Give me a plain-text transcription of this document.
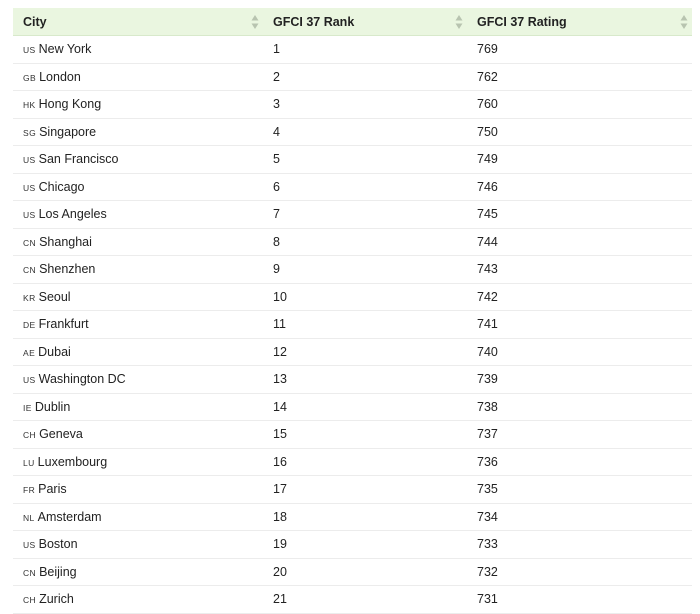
City	GFCI 37 Rank	GFCI 37 Rating

US New York	1	769
GB London	2	762
HK Hong Kong	3	760
SG Singapore	4	750
US San Francisco	5	749
US Chicago	6	746
US Los Angeles	7	745
CN Shanghai	8	744
CN Shenzhen	9	743
KR Seoul	10	742
DE Frankfurt	11	741
AE Dubai	12	740
US Washington DC	13	739
IE Dublin	14	738
CH Geneva	15	737
LU Luxembourg	16	736
FR Paris	17	735
NL Amsterdam	18	734
US Boston	19	733
CN Beijing	20	732
CH Zurich	21	731
